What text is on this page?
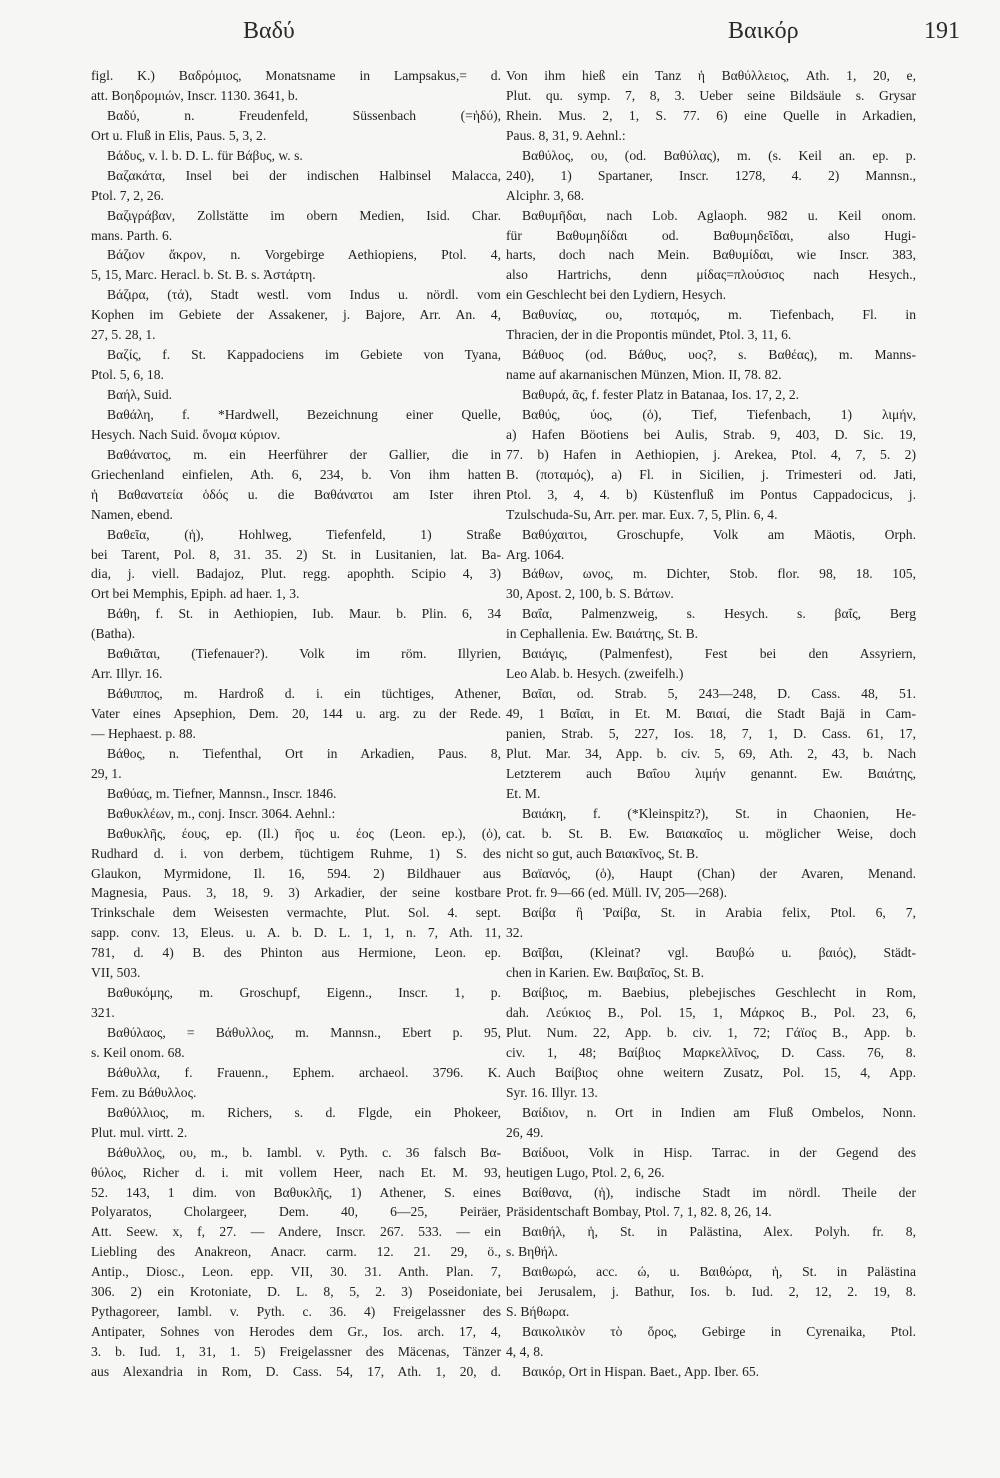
Βαδύ	Βαικόρ	191
figl. K.) Βαδρόμιος, Monatsname in Lampsakus,= d.
att. Βοηδρομιών, Inscr. 1130. 3641, b.
Βαδύ, n. Freudenfeld, Süssenbach (=ἡδύ),
Ort u. Fluß in Elis, Paus. 5, 3, 2.
Βάδυς, v. l. b. D. L. für Βάβυς, w. s.
Βαζακάτα, Insel bei der indischen Halbinsel Malacca,
Ptol. 7, 2, 26.
Βαζιγράβαν, Zollstätte im obern Medien, Isid. Char.
mans. Parth. 6.
Βάζιον ἄκρον, n. Vorgebirge Aethiopiens, Ptol. 4,
5, 15, Marc. Heracl. b. St. B. s. Ἀστάρτη.
Βάζιρα, (τά), Stadt westl. vom Indus u. nördl. vom
Kophen im Gebiete der Assakener, j. Bajore, Arr. An. 4,
27, 5. 28, 1.
Βαζίς, f. St. Kappadociens im Gebiete von Tyana,
Ptol. 5, 6, 18.
Βαήλ, Suid.
Βαθάλη, f. *Hardwell, Bezeichnung einer Quelle,
Hesych. Nach Suid. ὄνομα κύριον.
Βαθάνατος, m. ein Heerführer der Gallier, die in
Griechenland einfielen, Ath. 6, 234, b. Von ihm hatten
ἡ Βαθανατεία ὁδός u. die Βαθάνατοι am Ister ihren
Namen, ebend.
Βαθεῖα, (ἡ), Hohlweg, Tiefenfeld, 1) Straße
bei Tarent, Pol. 8, 31. 35. 2) St. in Lusitanien, lat. Ba-
dia, j. viell. Badajoz, Plut. regg. apophth. Scipio 4, 3)
Ort bei Memphis, Epiph. ad haer. 1, 3.
Βάθη, f. St. in Aethiopien, Iub. Maur. b. Plin. 6, 34
(Batha).
Βαθιᾶται, (Tiefenauer?). Volk im röm. Illyrien,
Arr. Illyr. 16.
Βάθιππος, m. Hardroß d. i. ein tüchtiges, Athener,
Vater eines Apsephion, Dem. 20, 144 u. arg. zu der Rede.
— Hephaest. p. 88.
Βάθος, n. Tiefenthal, Ort in Arkadien, Paus. 8,
29, 1.
Βαθύας, m. Tiefner, Mannsn., Inscr. 1846.
Βαθυκλέων, m., conj. Inscr. 3064. Aehnl.:
Βαθυκλῆς, έους, ep. (Il.) ῆος u. έος (Leon. ep.), (ὁ),
Rudhard d. i. von derbem, tüchtigem Ruhme, 1) S. des
Glaukon, Myrmidone, Il. 16, 594. 2) Bildhauer aus
Magnesia, Paus. 3, 18, 9. 3) Arkadier, der seine kostbare
Trinkschale dem Weisesten vermachte, Plut. Sol. 4. sept.
sapp. conv. 13, Eleus. u. A. b. D. L. 1, 1, n. 7, Ath. 11,
781, d. 4) B. des Phinton aus Hermione, Leon. ep.
VII, 503.
Βαθυκόμης, m. Groschupf, Eigenn., Inscr. 1, p.
321.
Βαθύλαος, = Βάθυλλος, m. Mannsn., Ebert p. 95,
s. Keil onom. 68.
Βάθυλλα, f. Frauenn., Ephem. archaeol. 3796. K.
Fem. zu Βάθυλλος.
Βαθύλλιος, m. Richers, s. d. Flgde, ein Phokeer,
Plut. mul. virtt. 2.
Βάθυλλος, ου, m., b. Iambl. v. Pyth. c. 36 falsch Βα-
θύλος, Richer d. i. mit vollem Heer, nach Et. M. 93,
52. 143, 1 dim. von Βαθυκλῆς, 1) Athener, S. eines
Polyaratos, Cholargeer, Dem. 40, 6—25, Peiräer,
Att. Seew. x, f, 27. — Andere, Inscr. 267. 533. — ein
Liebling des Anakreon, Anacr. carm. 12. 21. 29, ö.,
Antip., Diosc., Leon. epp. VII, 30. 31. Anth. Plan. 7,
306. 2) ein Krotoniate, D. L. 8, 5, 2. 3) Poseidoniate,
Pythagoreer, Iambl. v. Pyth. c. 36. 4) Freigelassner des
Antipater, Sohnes von Herodes dem Gr., Ios. arch. 17, 4,
3. b. Iud. 1, 31, 1. 5) Freigelassner des Mäcenas, Tänzer
aus Alexandria in Rom, D. Cass. 54, 17, Ath. 1, 20, d.
Von ihm hieß ein Tanz ἡ Βαθύλλειος, Ath. 1, 20, e,
Plut. qu. symp. 7, 8, 3. Ueber seine Bildsäule s. Grysar
Rhein. Mus. 2, 1, S. 77. 6) eine Quelle in Arkadien,
Paus. 8, 31, 9. Aehnl.:
Βαθύλος, ου, (od. Βαθύλας), m. (s. Keil an. ep. p.
240), 1) Spartaner, Inscr. 1278, 4. 2) Mannsn.,
Alciphr. 3, 68.
Βαθυμῆδαι, nach Lob. Aglaoph. 982 u. Keil onom.
für Βαθυμηδίδαι od. Βαθυμηδεῖδαι, also Hugi-
harts, doch nach Mein. Βαθυμίδαι, wie Inscr. 383,
also Hartrichs, denn μίδας=πλούσιος nach Hesych.,
ein Geschlecht bei den Lydiern, Hesych.
Βαθυνίας, ου, ποταμός, m. Tiefenbach, Fl. in
Thracien, der in die Propontis mündet, Ptol. 3, 11, 6.
Βάθυος (od. Βάθυς, υος?, s. Βαθέας), m. Manns-
name auf akarnanischen Münzen, Mion. II, 78. 82.
Βαθυρά, ᾶς, f. fester Platz in Batanaa, Ios. 17, 2, 2.
Βαθύς, ύος, (ὁ), Tief, Tiefenbach, 1) λιμήν,
a) Hafen Böotiens bei Aulis, Strab. 9, 403, D. Sic. 19,
77. b) Hafen in Aethiopien, j. Arekea, Ptol. 4, 7, 5. 2)
B. (ποταμός), a) Fl. in Sicilien, j. Trimesteri od. Jati,
Ptol. 3, 4, 4. b) Küstenfluß im Pontus Cappadocicus, j.
Tzulschuda-Su, Arr. per. mar. Eux. 7, 5, Plin. 6, 4.
Βαθύχαιτοι, Groschupfe, Volk am Mäotis, Orph.
Arg. 1064.
Βάθων, ωνος, m. Dichter, Stob. flor. 98, 18. 105,
30, Apost. 2, 100, b. S. Βάτων.
Βαΐα, Palmenzweig, s. Hesych. s. βαΐς, Berg
in Cephallenia. Ew. Βαιάτης, St. B.
Βαιάγις, (Palmenfest), Fest bei den Assyriern,
Leo Alab. b. Hesych. (zweifelh.)
Βαῖαι, od. Strab. 5, 243—248, D. Cass. 48, 51.
49, 1 Βαῖαι, in Et. M. Βαιαί, die Stadt Bajä in Cam-
panien, Strab. 5, 227, Ios. 18, 7, 1, D. Cass. 61, 17,
Plut. Mar. 34, App. b. civ. 5, 69, Ath. 2, 43, b. Nach
Letzterem auch Βαΐου λιμήν genannt. Ew. Βαιάτης,
Et. M.
Βαιάκη, f. (*Kleinspitz?), St. in Chaonien, He-
cat. b. St. B. Ew. Βαιακαῖος u. möglicher Weise, doch
nicht so gut, auch Βαιακῖνος, St. B.
Βαϊανός, (ὁ), Haupt (Chan) der Avaren, Menand.
Prot. fr. 9—66 (ed. Müll. IV, 205—268).
Βαίβα ἢ Ῥαίβα, St. in Arabia felix, Ptol. 6, 7,
32.
Βαῖβαι, (Kleinat? vgl. Βαυβώ u. βαιός), Städt-
chen in Karien. Ew. Βαιβαῖος, St. B.
Βαίβιος, m. Baebius, plebejisches Geschlecht in Rom,
dah. Λεύκιος Β., Pol. 15, 1, Μάρκος Β., Pol. 23, 6,
Plut. Num. 22, App. b. civ. 1, 72; Γάϊος Β., App. b.
civ. 1, 48; Βαίβιος Μαρκελλῖνος, D. Cass. 76, 8.
Auch Βαίβιος ohne weitern Zusatz, Pol. 15, 4, App.
Syr. 16. Illyr. 13.
Βαίδιον, n. Ort in Indien am Fluß Ombelos, Nonn.
26, 49.
Βαίδυοι, Volk in Hisp. Tarrac. in der Gegend des
heutigen Lugo, Ptol. 2, 6, 26.
Βαίθανα, (ἡ), indische Stadt im nördl. Theile der
Präsidentschaft Bombay, Ptol. 7, 1, 82. 8, 26, 14.
Βαιθήλ, ἡ, St. in Palästina, Alex. Polyh. fr. 8,
s. Βηθήλ.
Βαιθωρώ, acc. ώ, u. Βαιθώρα, ἡ, St. in Palästina
bei Jerusalem, j. Bathur, Ios. b. Iud. 2, 12, 2. 19, 8.
S. Βήθωρα.
Βαικολικὸν τὸ ὄρος, Gebirge in Cyrenaika, Ptol.
4, 4, 8.
Βαικόρ, Ort in Hispan. Baet., App. Iber. 65.
